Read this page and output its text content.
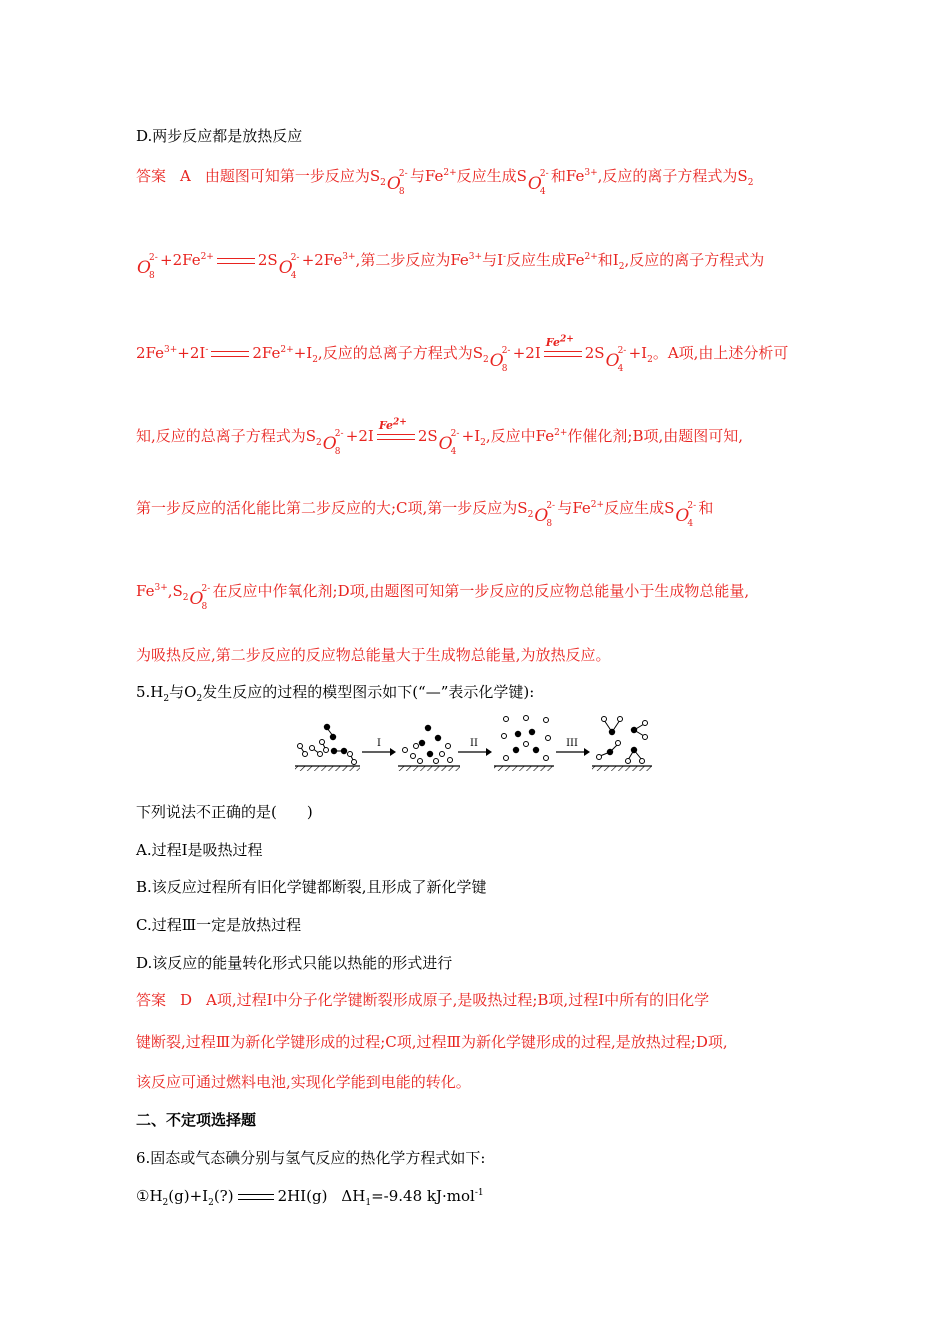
D.两步反应都是放热反应
答案 A 由题图可知第一步反应为$S_2$ O
2-
8
与$Fe^{2+}$反应生成S O
2-
4
和$Fe^{3+}$,反应的离子方程式为$S_2$
O
2-
8
$+2Fe^{2+}$	2S O
2-
4
$+2Fe^{3+}$,第二步反应为$Fe^{3+}$与I-反应生成$Fe^{2+}$和$I_2$,反应的离子方程式为
$2Fe^{3+}+2I^-$	$2Fe^{2+}+I_2$,反应的总离子方程式为$S_2$ O
2-
8
+2I
$Fe^{2+}$
2S O
2-
4
$+I_2$。A项,由上述分析可
知,反应的总离子方程式为$S_2$ O
2-
8
+2I
$Fe^{2+}$
2S O
2-
4
$+I_2$,反应中$Fe^{2+}$作催化剂;B项,由题图可知,
第一步反应的活化能比第二步反应的大;C项,第一步反应为$S_2$ O
2-
8
与$Fe^{2+}$反应生成S O
2-
4
和
$Fe^{3+},S_2$ O
2-
8
在反应中作氧化剂;D项,由题图可知第一步反应的反应物总能量小于生成物总能量,
为吸热反应,第二步反应的反应物总能量大于生成物总能量,为放热反应。
$5.H_2$与$O_2$发生反应的过程的模型图示如下(“—”表示化学键):
I	II	III
下列说法不正确的是(　　)
A.过程Ⅰ是吸热过程
B.该反应过程所有旧化学键都断裂,且形成了新化学键
C.过程Ⅲ一定是放热过程
D.该反应的能量转化形式只能以热能的形式进行
答案 D A项,过程Ⅰ中分子化学键断裂形成原子,是吸热过程;B项,过程Ⅰ中所有的旧化学
键断裂,过程Ⅲ为新化学键形成的过程;C项,过程Ⅲ为新化学键形成的过程,是放热过程;D项,
该反应可通过燃料电池,实现化学能到电能的转化。
二、不定项选择题
6.固态或气态碘分别与氢气反应的热化学方程式如下:
$①H_2(g)+I_2(?)$	2HI(g) $\Delta H_1=-9.48$ kJ·mol$^{-1}$
